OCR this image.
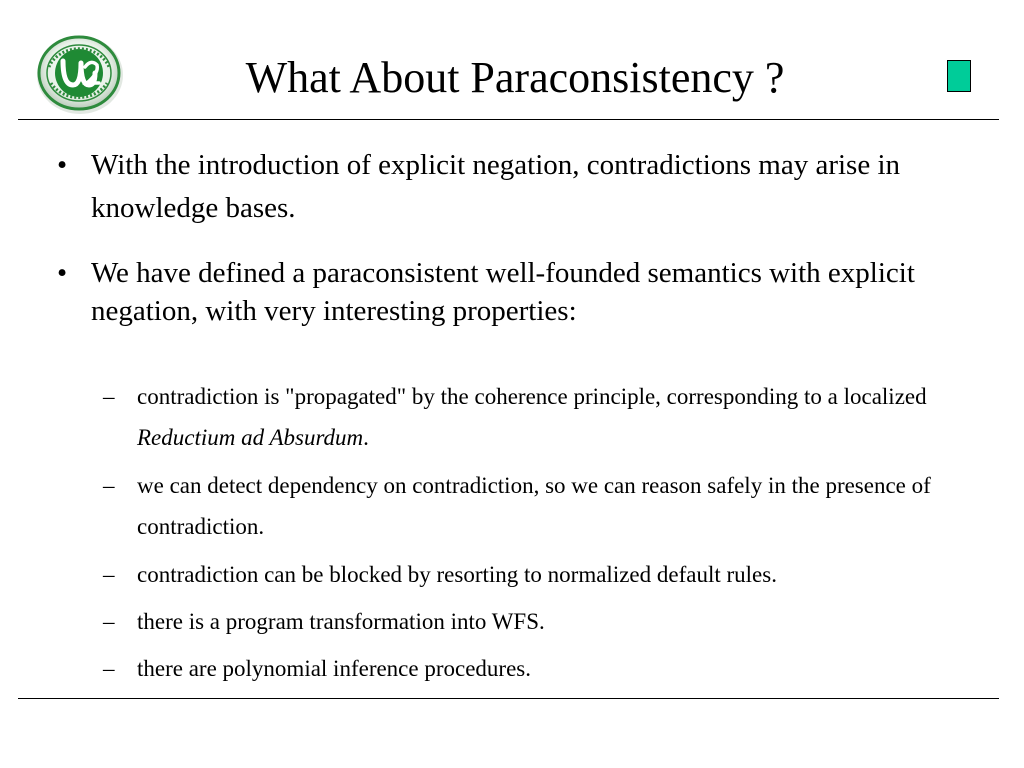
What About Paraconsistency ?
• With the introduction of explicit negation, contradictions may arise in knowledge bases.
• We have defined a paraconsistent well-founded semantics with explicit negation, with very interesting properties:
– contradiction is "propagated" by the coherence principle, corresponding to a localized Reductium ad Absurdum.
– we can detect dependency on contradiction, so we can reason safely in the presence of contradiction.
– contradiction can be blocked by resorting to normalized default rules.
– there is a program transformation into WFS.
– there are polynomial inference procedures.
